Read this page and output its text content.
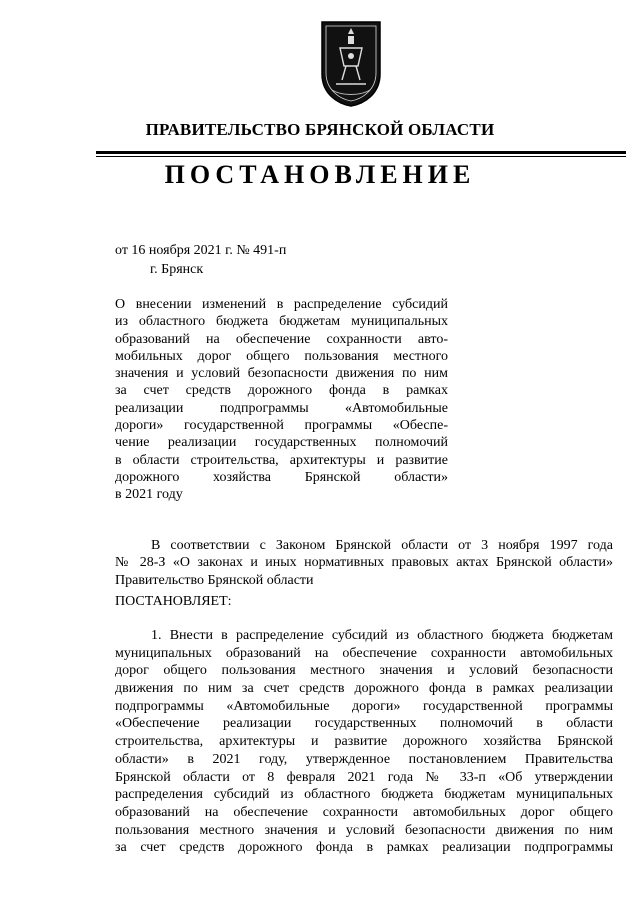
ПРАВИТЕЛЬСТВО БРЯНСКОЙ ОБЛАСТИ
ПОСТАНОВЛЕНИЕ
от 16 ноября 2021 г. № 491-п
г. Брянск
О внесении изменений в распределение субсидий
из областного бюджета бюджетам муниципальных
образований на обеспечение сохранности авто-
мобильных дорог общего пользования местного
значения и условий безопасности движения по ним
за счет средств дорожного фонда в рамках
реализации подпрограммы «Автомобильные
дороги» государственной программы «Обеспе-
чение реализации государственных полномочий
в области строительства, архитектуры и развитие
дорожного хозяйства Брянской области»
в 2021 году
В соответствии с Законом Брянской области от 3 ноября 1997 года
№ 28-З «О законах и иных нормативных правовых актах Брянской области»
Правительство Брянской области
ПОСТАНОВЛЯЕТ:
1. Внести в распределение субсидий из областного бюджета бюджетам
муниципальных образований на обеспечение сохранности автомобильных
дорог общего пользования местного значения и условий безопасности
движения по ним за счет средств дорожного фонда в рамках реализации
подпрограммы «Автомобильные дороги» государственной программы
«Обеспечение реализации государственных полномочий в области
строительства, архитектуры и развитие дорожного хозяйства Брянской
области» в 2021 году, утвержденное постановлением Правительства
Брянской области от 8 февраля 2021 года № 33-п «Об утверждении
распределения субсидий из областного бюджета бюджетам муниципальных
образований на обеспечение сохранности автомобильных дорог общего
пользования местного значения и условий безопасности движения по ним
за счет средств дорожного фонда в рамках реализации подпрограммы
